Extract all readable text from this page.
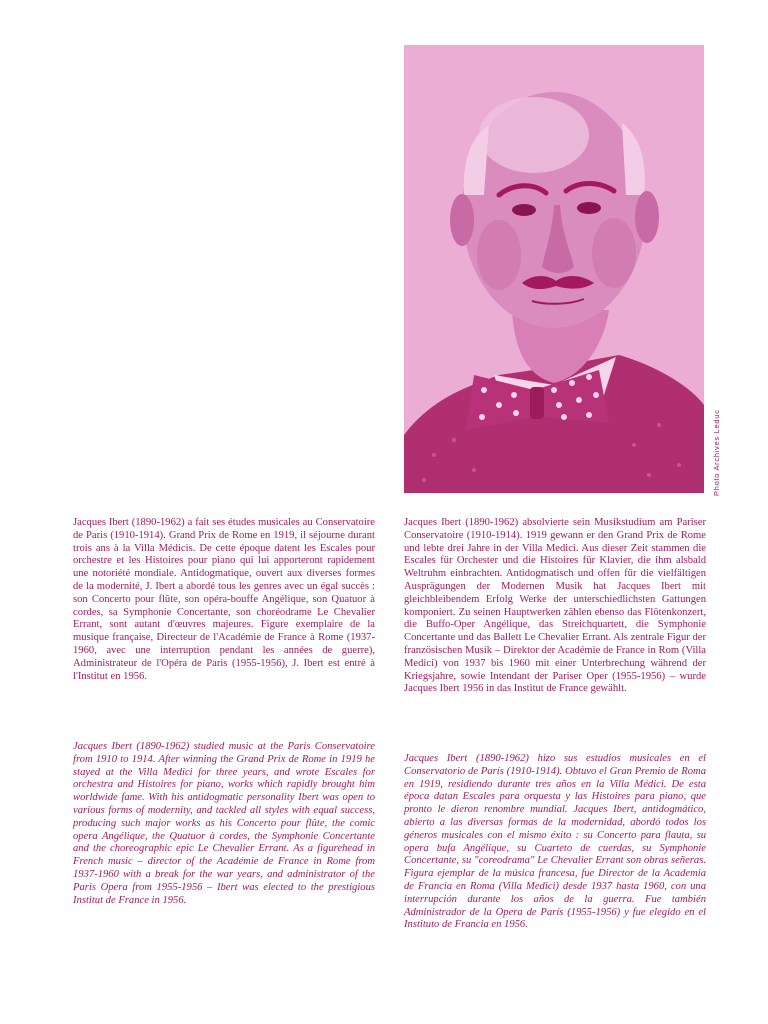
Photo Archives Leduc

Jacques Ibert (1890-1962) a fait ses études musicales au Conservatoire de Paris (1910-1914). Grand Prix de Rome en 1919, il séjourne durant trois ans à la Villa Médicis. De cette époque datent les Escales pour orchestre et les Histoires pour piano qui lui apporteront rapidement une notoriété mondiale. Antidogmatique, ouvert aux diverses formes de la modernité, J. Ibert a abordé tous les genres avec un égal succès : son Concerto pour flûte, son opéra-bouffe Angélique, son Quatuor à cordes, sa Symphonie Concertante, son choréodrame Le Chevalier Errant, sont autant d'œuvres majeures. Figure exemplaire de la musique française, Directeur de l'Académie de France à Rome (1937-1960, avec une interruption pendant les années de guerre), Administrateur de l'Opéra de Paris (1955-1956), J. Ibert est entré à l'Institut en 1956.

Jacques Ibert (1890-1962) studied music at the Paris Conservatoire from 1910 to 1914. After winning the Grand Prix de Rome in 1919 he stayed at the Villa Medici for three years, and wrote Escales for orchestra and Histoires for piano, works which rapidly brought him worldwide fame. With his antidogmatic personality Ibert was open to various forms of modernity, and tackled all styles with equal success, producing such major works as his Concerto pour flûte, the comic opera Angélique, the Quatuor à cordes, the Symphonie Concertante and the choreographic epic Le Chevalier Errant. As a figurehead in French music – director of the Académie de France in Rome from 1937-1960 with a break for the war years, and administrator of the Paris Opera from 1955-1956 – Ibert was elected to the prestigious Institut de France in 1956.

Jacques Ibert (1890-1962) absolvierte sein Musikstudium am Pariser Conservatoire (1910-1914). 1919 gewann er den Grand Prix de Rome und lebte drei Jahre in der Villa Medici. Aus dieser Zeit stammen die Escales für Orchester und die Histoires für Klavier, die ihm alsbald Weltruhm einbrachten. Antidogmatisch und offen für die vielfältigen Ausprägungen der Modernen Musik hat Jacques Ibert mit gleichbleibendem Erfolg Werke der unterschiedlichsten Gattungen komponiert. Zu seinen Hauptwerken zählen ebenso das Flötenkonzert, die Buffo-Oper Angélique, das Streichquartett, die Symphonie Concertante und das Ballett Le Chevalier Errant. Als zentrale Figur der französischen Musik – Direktor der Académie de France in Rom (Villa Medici) von 1937 bis 1960 mit einer Unterbrechung während der Kriegsjahre, sowie Intendant der Pariser Oper (1955-1956) – wurde Jacques Ibert 1956 in das Institut de France gewählt.

Jacques Ibert (1890-1962) hizo sus estudios musicales en el Conservatorio de París (1910-1914). Obtuvo el Gran Premio de Roma en 1919, residiendo durante tres años en la Villa Médici. De esta época datan Escales para orquesta y las Histoires para piano, que pronto le dieron renombre mundial. Jacques Ibert, antidogmático, abierto a las diversas formas de la modernidad, abordó todos los géneros musicales con el mismo éxito : su Concerto para flauta, su opera bufa Angélique, su Cuarteto de cuerdas, su Symphonie Concertante, su "coreodrama" Le Chevalier Errant son obras señeras. Figura ejemplar de la música francesa, fue Director de la Academia de Francia en Roma (Villa Medici) desde 1937 hasta 1960, con una interrupción durante los años de la guerra. Fue también Administrador de la Opera de París (1955-1956) y fue elegido en el Instituto de Francia en 1956.
